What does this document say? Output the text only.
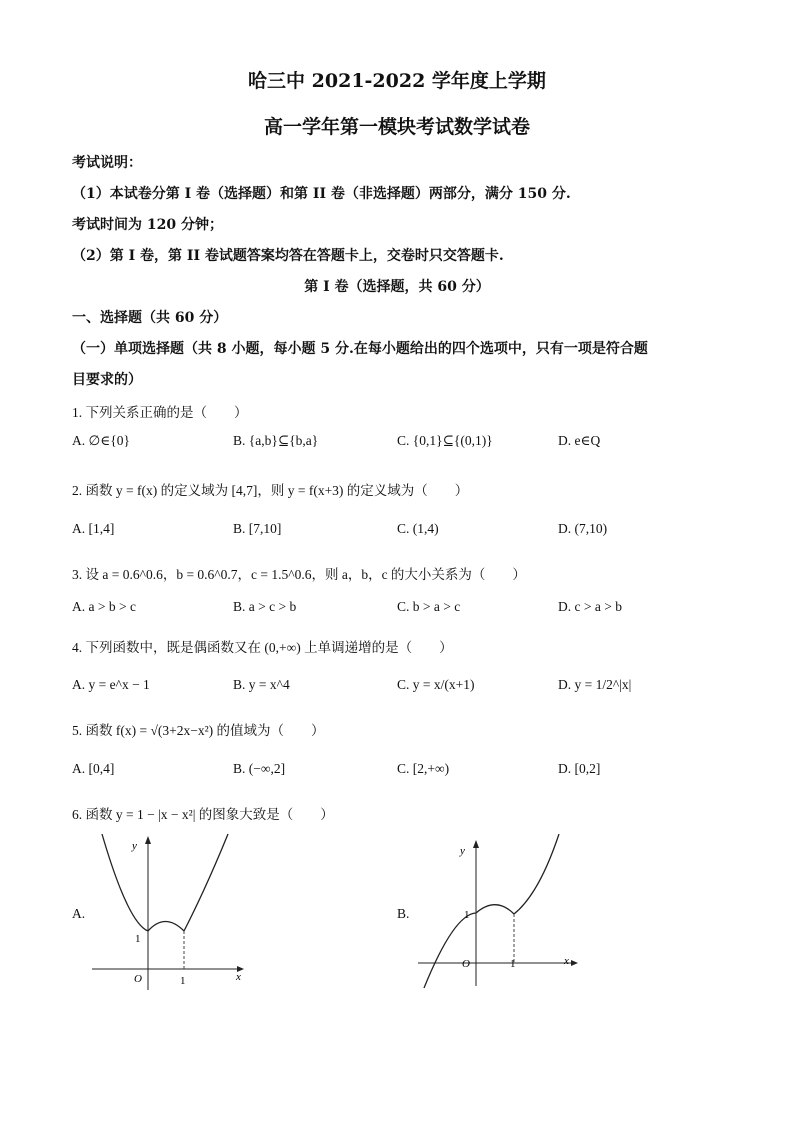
哈三中 2021-2022 学年度上学期
高一学年第一模块考试数学试卷
考试说明：
（1）本试卷分第 I 卷（选择题）和第 II 卷（非选择题）两部分，满分 150 分.
考试时间为 120 分钟；
（2）第 I 卷，第 II 卷试题答案均答在答题卡上，交卷时只交答题卡.
第 I 卷（选择题，共 60 分）
一、选择题（共 60 分）
（一）单项选择题（共 8 小题，每小题 5 分.在每小题给出的四个选项中，只有一项是符合题
目要求的）
1. 下列关系正确的是（　　）
A. ∅∈{0}	B. {a,b}⊆{b,a}	C. {0,1}⊆{(0,1)}	D. e∈Q
2. 函数 y = f(x) 的定义域为 [4,7]，则 y = f(x+3) 的定义域为（　　）
A. [1,4]	B. [7,10]	C. (1,4)	D. (7,10)
3. 设 a = 0.6^0.6，b = 0.6^0.7，c = 1.5^0.6，则 a，b，c 的大小关系为（　　）
A. a > b > c	B. a > c > b	C. b > a > c	D. c > a > b
4. 下列函数中，既是偶函数又在 (0,+∞) 上单调递增的是（　　）
A. y = e^x − 1	B. y = x^4	C. y = x/(x+1)	D. y = 1/2^|x|
5. 函数 f(x) = √(3+2x−x²) 的值域为（　　）
A. [0,4]	B. (−∞,2]	C. [2,+∞)	D. [0,2]
6. 函数 y = 1 − |x − x²| 的图象大致是（　　）
A.	B.
y
x
O
1
1
y
x
O
1
1
